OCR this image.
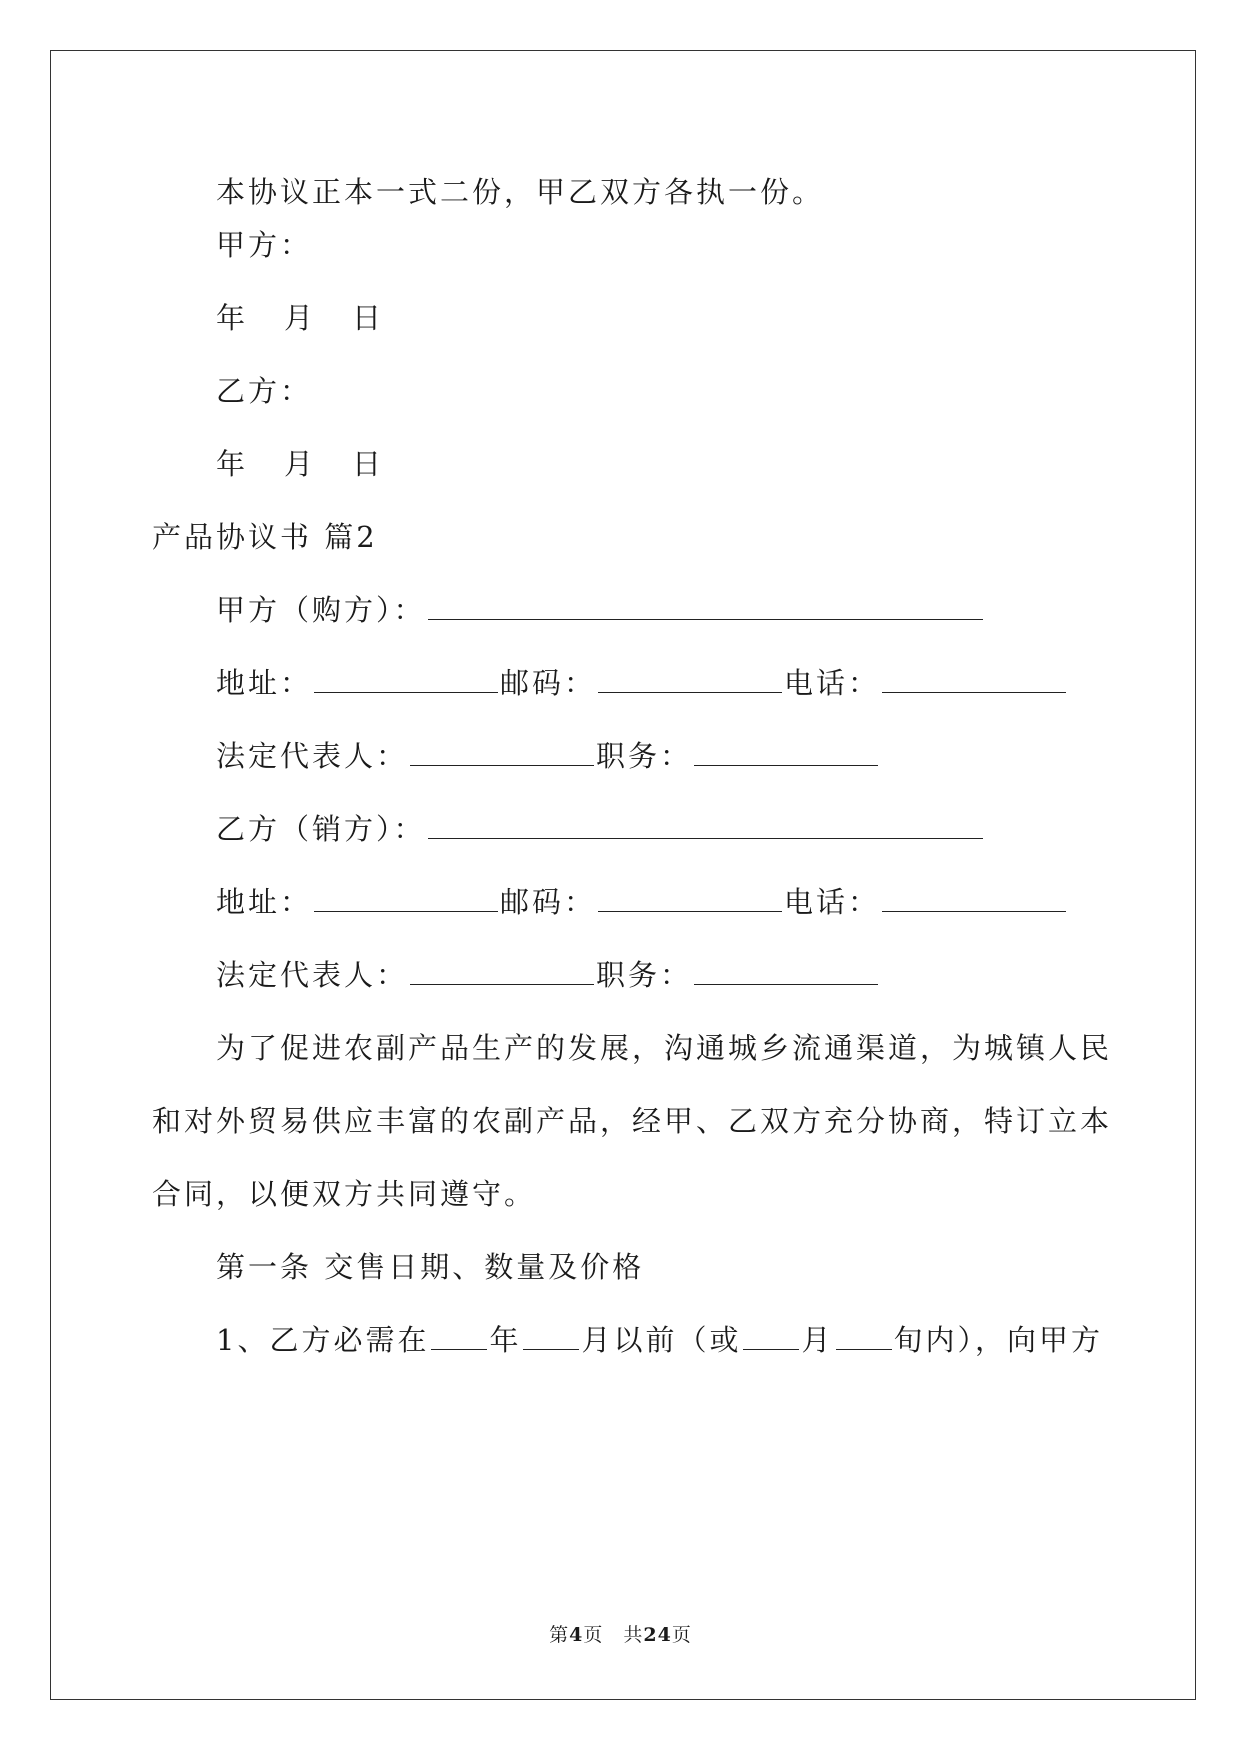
本协议正本一式二份，甲乙双方各执一份。
甲方：
年 月 日
乙方：
年 月 日
产品协议书 篇2
甲方（购方）：
地址：	邮码：	电话：
法定代表人：	职务：
乙方（销方）：
地址：	邮码：	电话：
法定代表人：	职务：
为了促进农副产品生产的发展，沟通城乡流通渠道，为城镇人民
和对外贸易供应丰富的农副产品，经甲、乙双方充分协商，特订立本
合同，以便双方共同遵守。
第一条 交售日期、数量及价格
1、乙方必需在 年 月以前（或 月 旬内），向甲方
第4页　共24页
